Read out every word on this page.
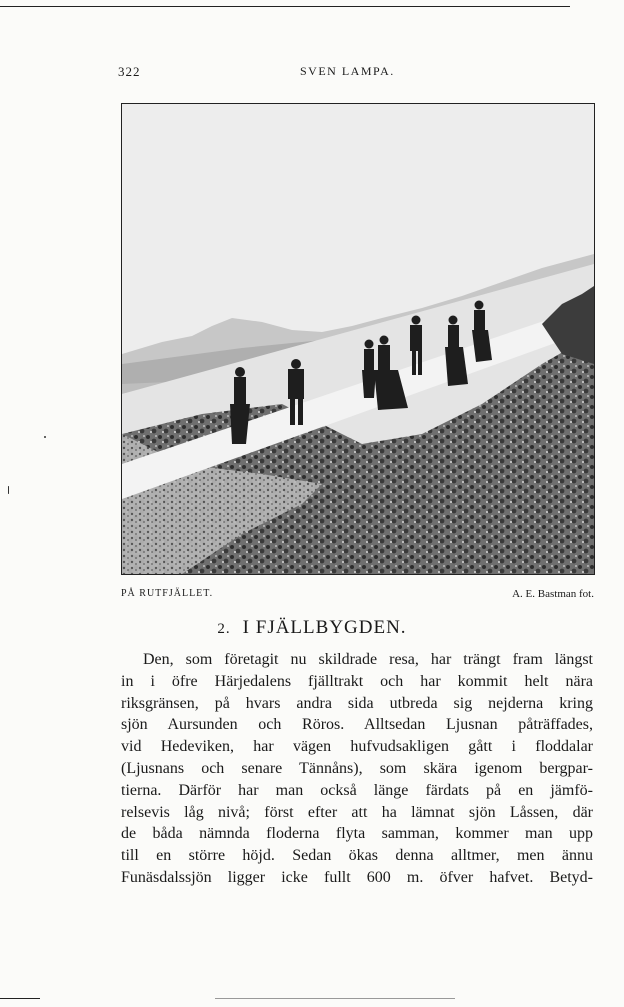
322	SVEN LAMPA.
PÅ RUTFJÄLLET.	A. E. Bastman fot.
2. I FJÄLLBYGDEN.
Den, som företagit nu skildrade resa, har trängt fram längst
in i öfre Härjedalens fjälltrakt och har kommit helt nära
riksgränsen, på hvars andra sida utbreda sig nejderna kring
sjön Aursunden och Röros. Alltsedan Ljusnan påträffades,
vid Hedeviken, har vägen hufvudsakligen gått i floddalar
(Ljusnans och senare Tännåns), som skära igenom bergpar-
tierna. Därför har man också länge färdats på en jämfö-
relsevis låg nivå; först efter att ha lämnat sjön Låssen, där
de båda nämnda floderna flyta samman, kommer man upp
till en större höjd. Sedan ökas denna alltmer, men ännu
Funäsdalssjön ligger icke fullt 600 m. öfver hafvet. Betyd-
